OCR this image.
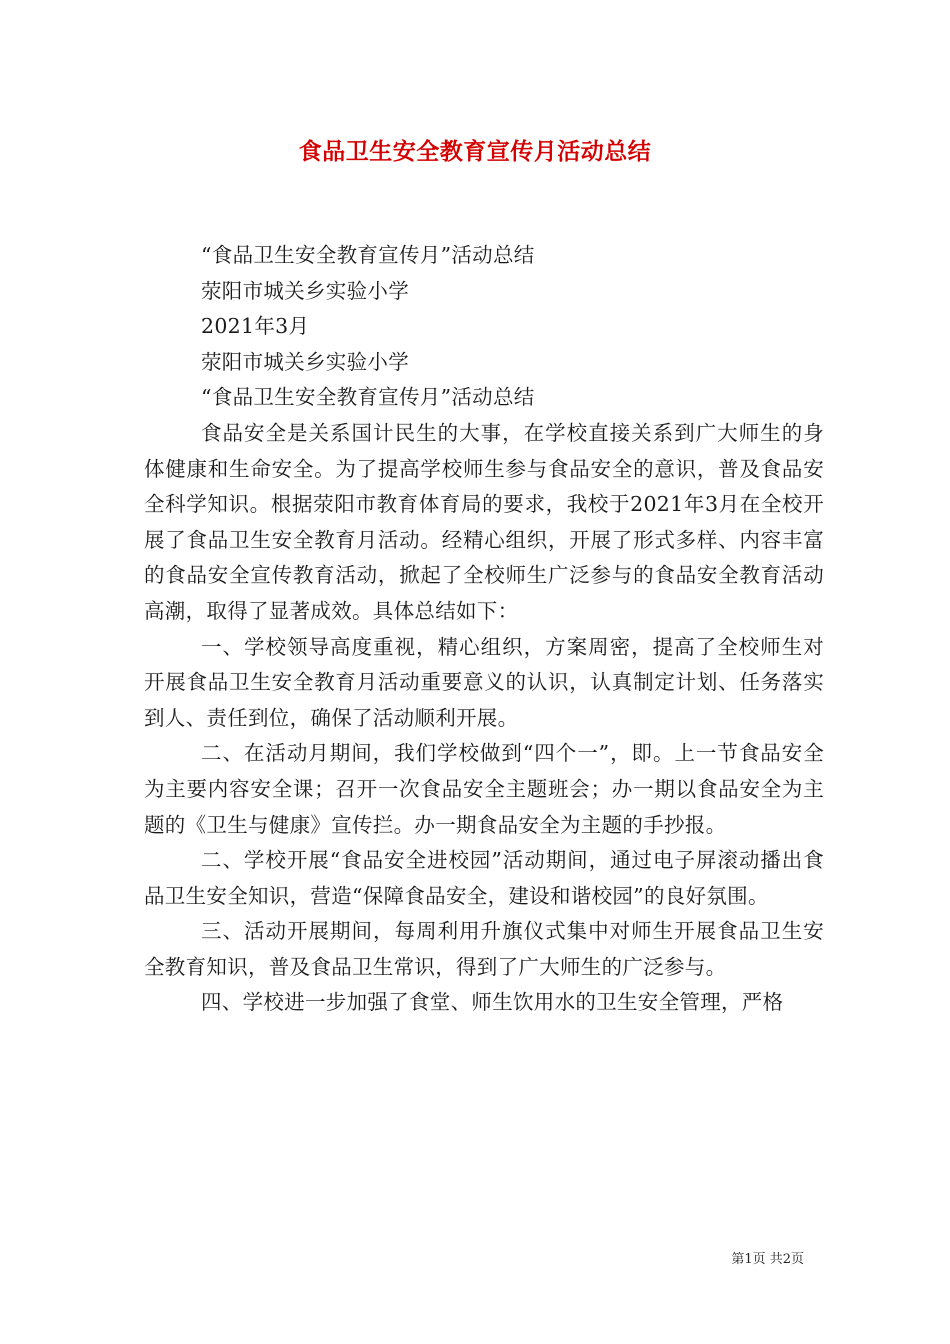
食品卫生安全教育宣传月活动总结

“食品卫生安全教育宣传月”活动总结

荥阳市城关乡实验小学

2021年3月

荥阳市城关乡实验小学

“食品卫生安全教育宣传月”活动总结

食品安全是关系国计民生的大事，在学校直接关系到广大师生的身体健康和生命安全。为了提高学校师生参与食品安全的意识，普及食品安全科学知识。根据荥阳市教育体育局的要求，我校于2021年3月在全校开展了食品卫生安全教育月活动。经精心组织，开展了形式多样、内容丰富的食品安全宣传教育活动，掀起了全校师生广泛参与的食品安全教育活动高潮，取得了显著成效。具体总结如下：

一、学校领导高度重视，精心组织，方案周密，提高了全校师生对开展食品卫生安全教育月活动重要意义的认识，认真制定计划、任务落实到人、责任到位，确保了活动顺利开展。

二、在活动月期间，我们学校做到“四个一”，即。上一节食品安全为主要内容安全课；召开一次食品安全主题班会；办一期以食品安全为主题的《卫生与健康》宣传拦。办一期食品安全为主题的手抄报。

二、学校开展“食品安全进校园”活动期间，通过电子屏滚动播出食品卫生安全知识，营造“保障食品安全，建设和谐校园”的良好氛围。

三、活动开展期间，每周利用升旗仪式集中对师生开展食品卫生安全教育知识，普及食品卫生常识，得到了广大师生的广泛参与。

四、学校进一步加强了食堂、师生饮用水的卫生安全管理，严格

第1页 共2页
